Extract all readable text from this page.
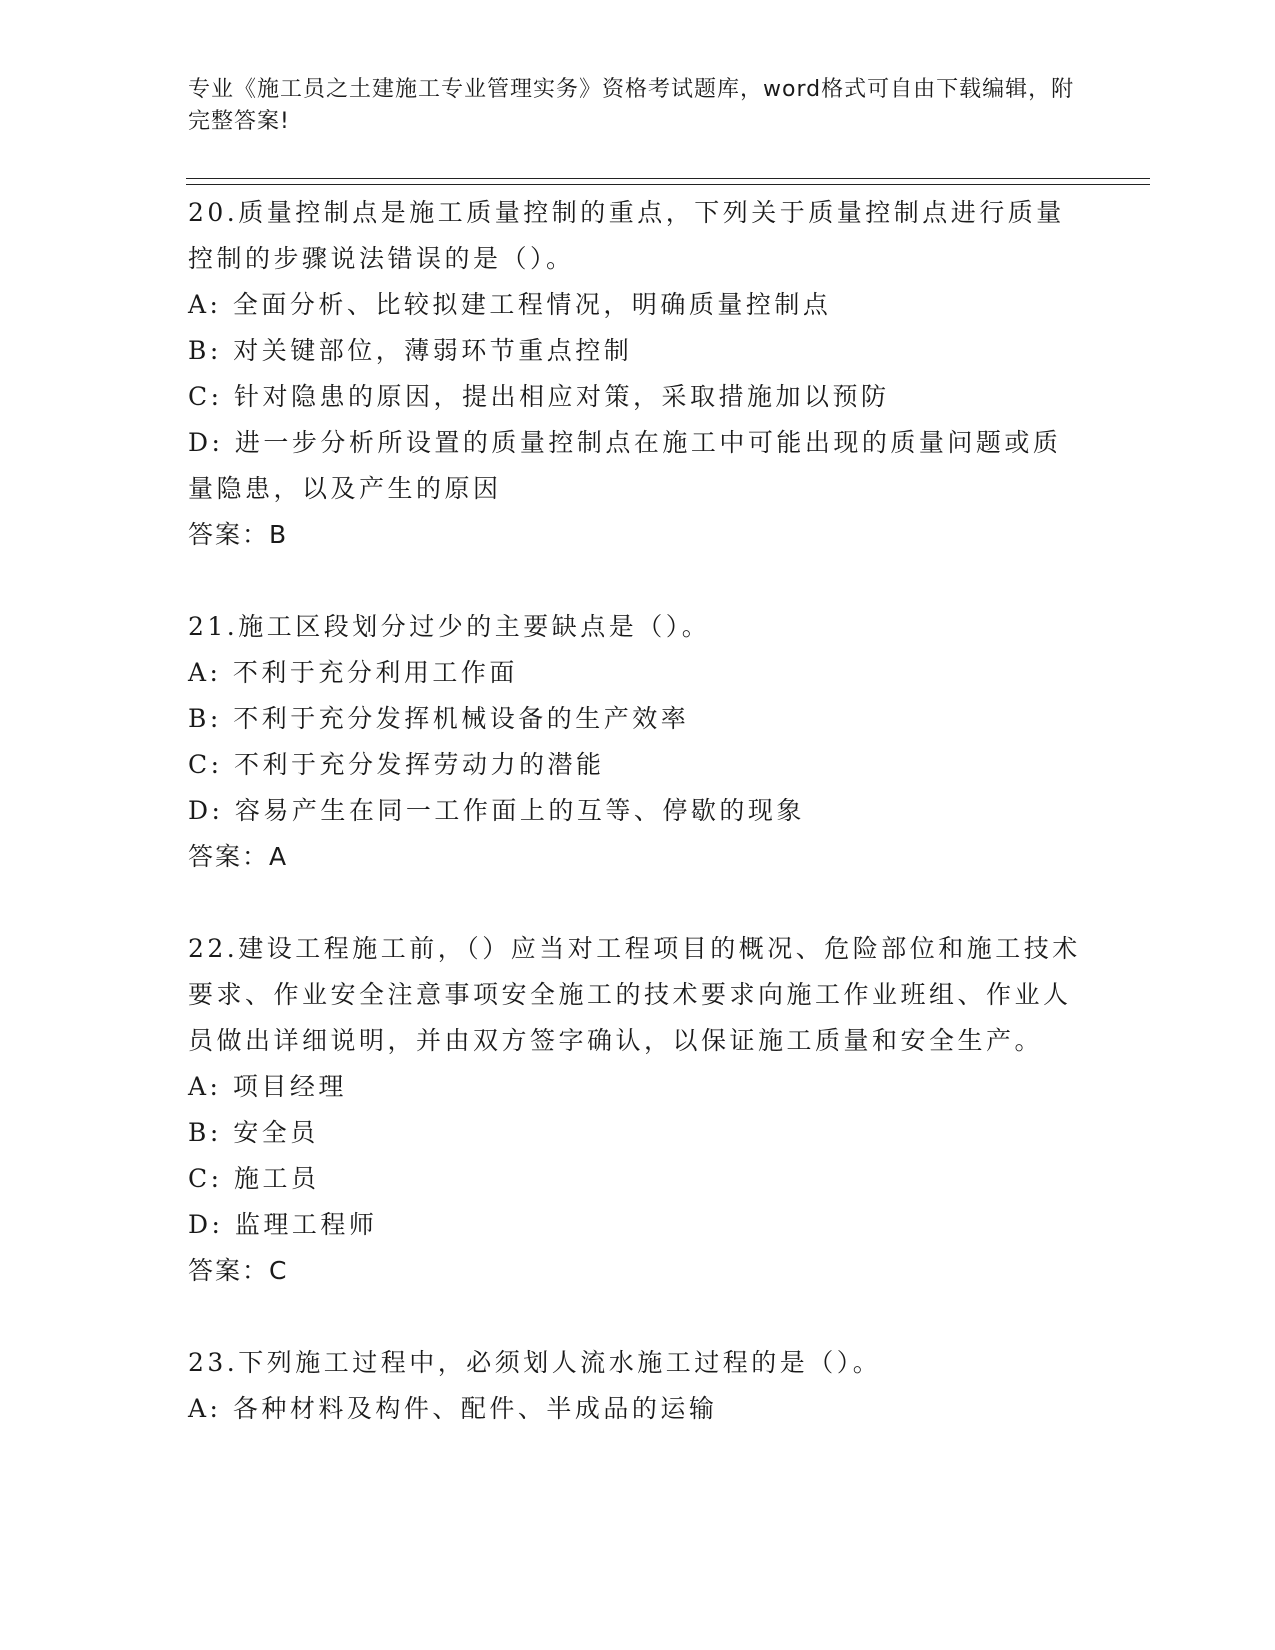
专业《施工员之土建施工专业管理实务》资格考试题库，word格式可自由下载编辑，附完整答案!

20.质量控制点是施工质量控制的重点，下列关于质量控制点进行质量控制的步骤说法错误的是（）。

A: 全面分析、比较拟建工程情况，明确质量控制点

B: 对关键部位，薄弱环节重点控制

C: 针对隐患的原因，提出相应对策，采取措施加以预防

D: 进一步分析所设置的质量控制点在施工中可能出现的质量问题或质量隐患，以及产生的原因

答案：B

21.施工区段划分过少的主要缺点是（）。

A: 不利于充分利用工作面

B: 不利于充分发挥机械设备的生产效率

C: 不利于充分发挥劳动力的潜能

D: 容易产生在同一工作面上的互等、停歇的现象

答案：A

22.建设工程施工前，（）应当对工程项目的概况、危险部位和施工技术要求、作业安全注意事项安全施工的技术要求向施工作业班组、作业人员做出详细说明，并由双方签字确认，以保证施工质量和安全生产。

A: 项目经理

B: 安全员

C: 施工员

D: 监理工程师

答案：C

23.下列施工过程中，必须划人流水施工过程的是（）。

A: 各种材料及构件、配件、半成品的运输
